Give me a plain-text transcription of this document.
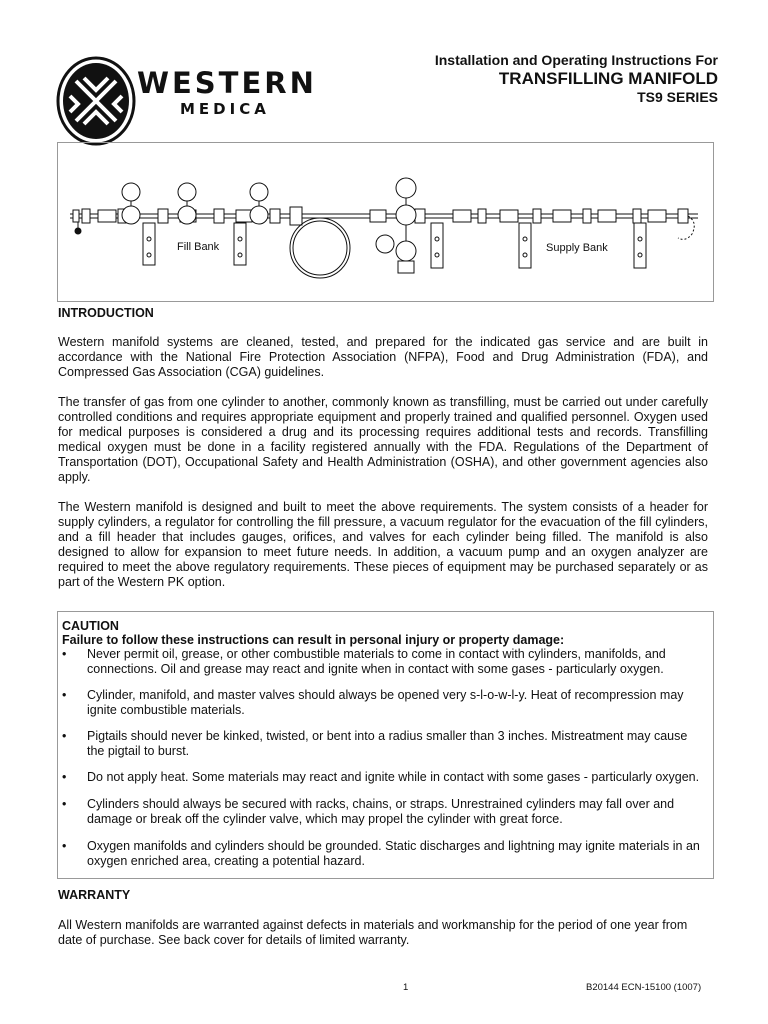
WESTERN
MEDICA
Installation and Operating Instructions For
TRANSFILLING MANIFOLD
TS9 SERIES
Fill Bank	Supply Bank
INTRODUCTION
Western manifold systems are cleaned, tested, and prepared for the indicated gas service and are built in accordance with the National Fire Protection Association (NFPA), Food and Drug Administration (FDA), and Compressed Gas Association (CGA) guidelines.
The transfer of gas from one cylinder to another, commonly known as transfilling, must be carried out under carefully controlled conditions and requires appropriate equipment and properly trained and qualified personnel. Oxygen used for medical purposes is considered a drug and its processing requires additional tests and records. Transfilling medical oxygen must be done in a facility registered annually with the FDA. Regulations of the Department of Transportation (DOT), Occupational Safety and Health Administration (OSHA), and other government agencies also apply.
The Western manifold is designed and built to meet the above requirements. The system consists of a header for supply cylinders, a regulator for controlling the fill pressure, a vacuum regulator for the evacuation of the fill cylinders, and a fill header that includes gauges, orifices, and valves for each cylinder being filled. The manifold is also designed to allow for expansion to meet future needs. In addition, a vacuum pump and an oxygen analyzer are required to meet the above regulatory requirements. These pieces of equipment may be purchased separately or as part of the Western PK option.
CAUTION
Failure to follow these instructions can result in personal injury or property damage:
• Never permit oil, grease, or other combustible materials to come in contact with cylinders, manifolds, and connections. Oil and grease may react and ignite when in contact with some gases - particularly oxygen.
• Cylinder, manifold, and master valves should always be opened very s-l-o-w-l-y. Heat of recompression may ignite combustible materials.
• Pigtails should never be kinked, twisted, or bent into a radius smaller than 3 inches. Mistreatment may cause the pigtail to burst.
• Do not apply heat. Some materials may react and ignite while in contact with some gases - particularly oxygen.
• Cylinders should always be secured with racks, chains, or straps. Unrestrained cylinders may fall over and damage or break off the cylinder valve, which may propel the cylinder with great force.
• Oxygen manifolds and cylinders should be grounded. Static discharges and lightning may ignite materials in an oxygen enriched area, creating a potential hazard.
WARRANTY
All Western manifolds are warranted against defects in materials and workmanship for the period of one year from date of purchase. See back cover for details of limited warranty.
1	B20144 ECN-15100 (1007)
